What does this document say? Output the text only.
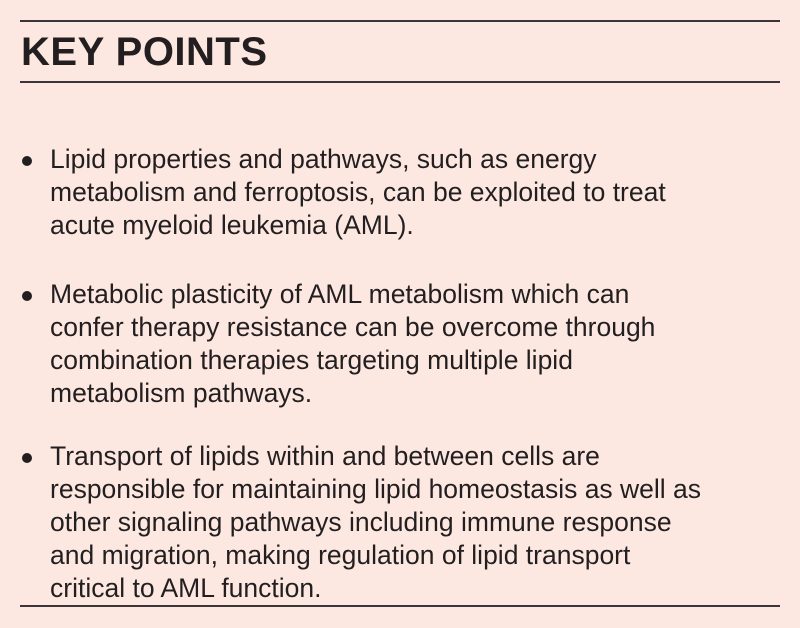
KEY POINTS
Lipid properties and pathways, such as energy
metabolism and ferroptosis, can be exploited to treat
acute myeloid leukemia (AML).
Metabolic plasticity of AML metabolism which can
confer therapy resistance can be overcome through
combination therapies targeting multiple lipid
metabolism pathways.
Transport of lipids within and between cells are
responsible for maintaining lipid homeostasis as well as
other signaling pathways including immune response
and migration, making regulation of lipid transport
critical to AML function.
